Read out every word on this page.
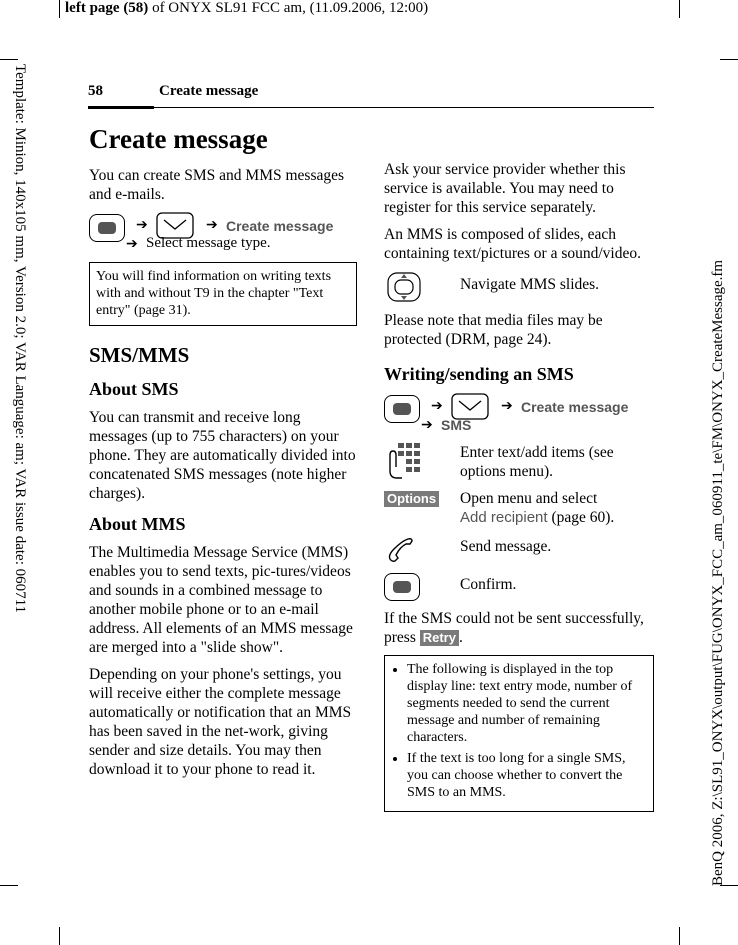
left page (58) of ONYX SL91 FCC am, (11.09.2006, 12:00)
Template: Minion, 140x105 mm, Version 2.0; VAR Language: am; VAR issue date: 060711	BenQ 2006, Z:\SL91_ONYX\output\FUG\ONYX_FCC_am_060911_te\FM\ONYX_CreateMessage.fm
58	Create message
Create message

You can create SMS and MMS messages and e-mails.

➔	➔ Create message
➔ Select message type.
You will find information on writing texts with and without T9 in the chapter "Text entry" (page 31).
SMS/MMS
About SMS

You can transmit and receive long messages (up to 755 characters) on your phone. They are automatically divided into concatenated SMS messages (note higher charges).

About MMS

The Multimedia Message Service (MMS) enables you to send texts, pic-tures/videos and sounds in a combined message to another mobile phone or to an e-mail address. All elements of an MMS message are merged into a "slide show".

Depending on your phone's settings, you will receive either the complete message automatically or notification that an MMS has been saved in the net-work, giving sender and size details. You may then download it to your phone to read it.

Ask your service provider whether this service is available. You may need to register for this service separately.

An MMS is composed of slides, each containing text/pictures or a sound/video.

Navigate MMS slides.

Please note that media files may be protected (DRM, page 24).

Writing/sending an SMS
➔	➔ Create message
➔ SMS
Enter text/add items (see options menu).
Options Open menu and select
Add recipient (page 60).
Send message.
Confirm.

If the SMS could not be sent successfully, press Retry .

• The following is displayed in the top display line: text entry mode, number of segments needed to send the current message and number of remaining characters.
• If the text is too long for a single SMS, you can choose whether to convert the SMS to an MMS.
